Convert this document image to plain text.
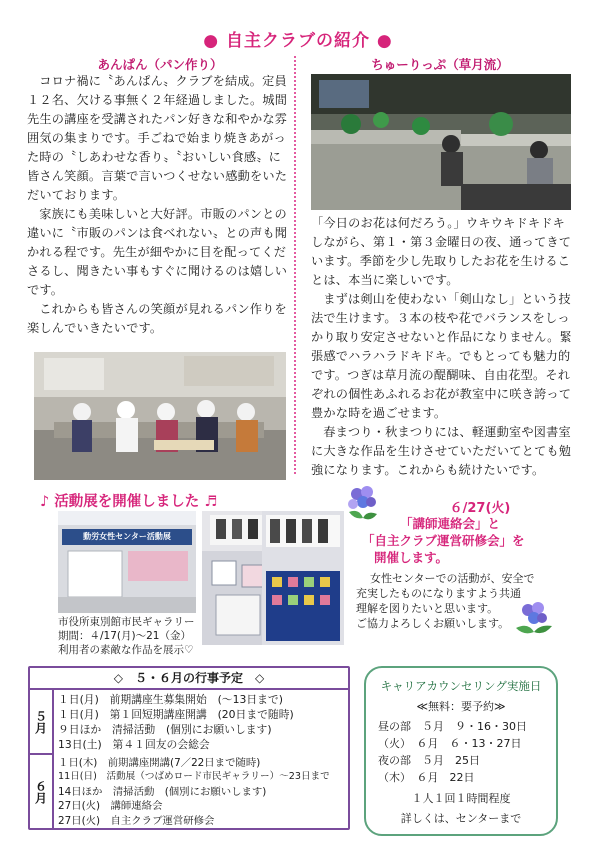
● 自主クラブの紹介 ●
あんぱん（パン作り）

コロナ禍に〝あんぱん〟クラブを結成。定員１２名、欠ける事無く２年経過しました。城間先生の講座を受講されたパン好きな和やかな雰囲気の集まりです。手ごねで始まり焼きあがった時の〝しあわせな香り〟〝おいしい食感〟に皆さん笑顔。言葉で言いつくせない感動をいただいております。

家族にも美味しいと大好評。市販のパンとの違いに〝市販のパンは食べれない〟との声も聞かれる程です。先生が細やかに目を配ってくださるし、聞きたい事もすぐに聞けるのは嬉しいです。

これからも皆さんの笑顔が見れるパン作りを楽しんでいきたいです。

ちゅーりっぷ（草月流）

「今日のお花は何だろう。」ウキウキドキドキしながら、第１・第３金曜日の夜、通ってきています。季節を少し先取りしたお花を生けることは、本当に楽しいです。

まずは剣山を使わない「剣山なし」という技法で生けます。３本の枝や花でバランスをしっかり取り安定させないと作品になりません。緊張感でハラハラドキドキ。でもとっても魅力的です。つぎは草月流の醍醐味、自由花型。それぞれの個性あふれるお花が教室中に咲き誇って豊かな時を過ごせます。

春まつり・秋まつりには、軽運動室や図書室に大きな作品を生けさせていただいてとても勉強になります。これからも続けたいです。

♪ 活動展を開催しました ♬
動労女性センター活動展
市役所東別館市民ギャラリー
期間：４/17(月)～21（金）
利用者の素敵な作品を展示♡
６/27(火)
「講師連絡会」と
「自主クラブ運営研修会」を
開催します。
女性センターでの活動が、安全で
充実したものになりますよう共通
理解を図りたいと思います。
ご協力よろしくお願いします。
◇　５・６月の行事予定　◇
５月
１日(月)　前期講座生募集開始　(～13日まで)
１日(月)　第１回短期講座開講　(20日まで随時)
９日ほか　清掃活動　(個別にお願いします)
13日(土)　第４１回友の会総会
６月
１日(木)　前期講座開講(7／22日まで随時)
11日(日)　活動展（つばめロード市民ギャラリー）～23日まで
14日ほか　清掃活動　(個別にお願いします)
27日(火)　講師連絡会
27日(火)　自主クラブ運営研修会
キャリアカウンセリング実施日
≪無料：要予約≫
昼の部　５月　９・16・30日
（火）　６月　６・13・27日
夜の部　５月　25日
（木）　６月　22日
１人１回１時間程度
詳しくは、センターまで
